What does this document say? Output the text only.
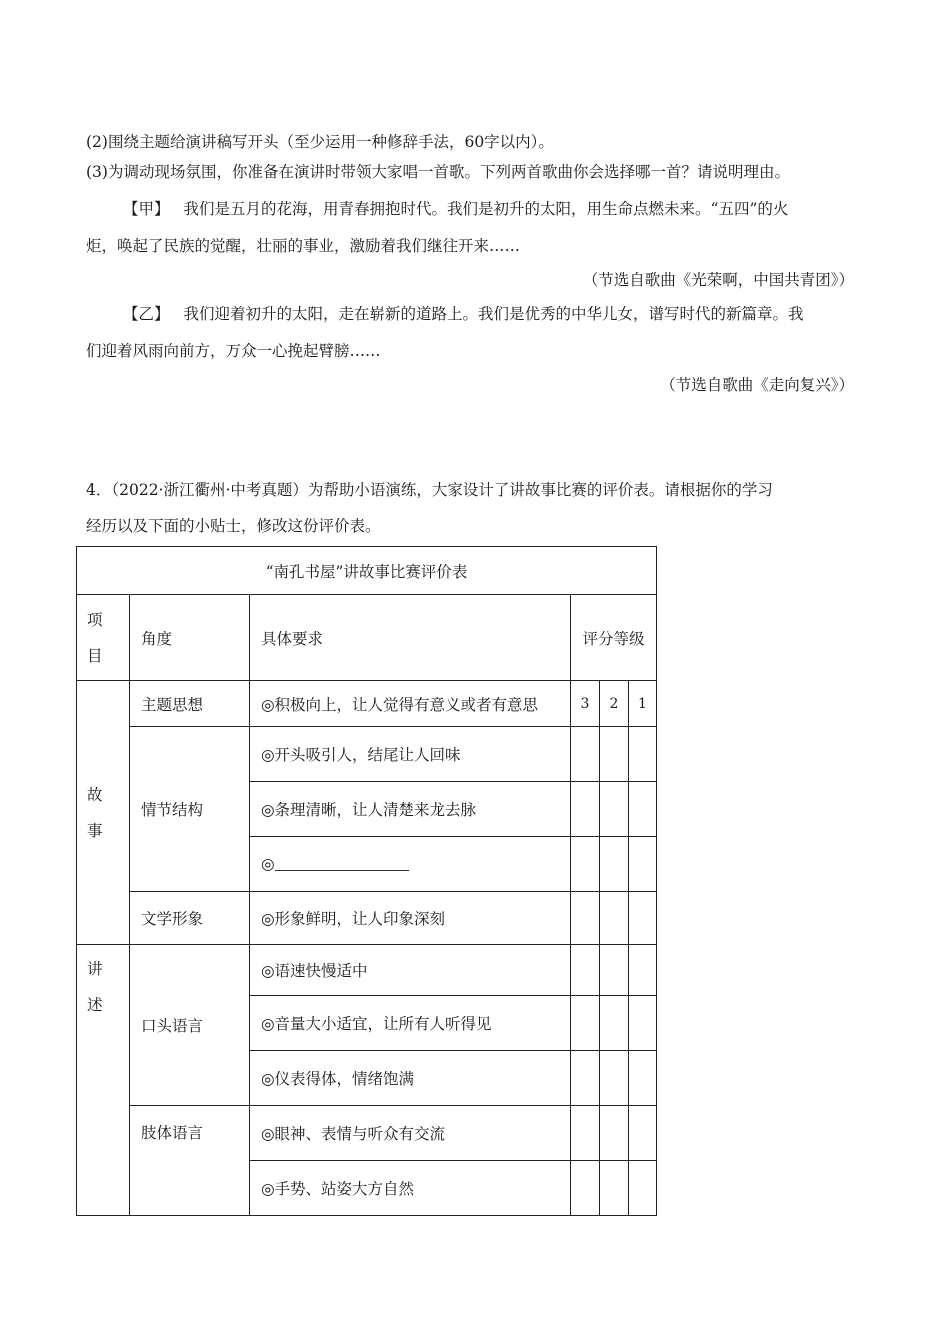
(2)围绕主题给演讲稿写开头（至少运用一种修辞手法，60字以内）。
(3)为调动现场氛围，你准备在演讲时带领大家唱一首歌。下列两首歌曲你会选择哪一首？请说明理由。
【甲】 我们是五月的花海，用青春拥抱时代。我们是初升的太阳，用生命点燃未来。“五四”的火
炬，唤起了民族的觉醒，壮丽的事业，激励着我们继往开来……
（节选自歌曲《光荣啊，中国共青团》）
【乙】 我们迎着初升的太阳，走在崭新的道路上。我们是优秀的中华儿女，谱写时代的新篇章。我
们迎着风雨向前方，万众一心挽起臂膀……
（节选自歌曲《走向复兴》）
4．（2022·浙江衢州·中考真题）为帮助小语演练，大家设计了讲故事比赛的评价表。请根据你的学习
经历以及下面的小贴士，修改这份评价表。
“南孔书屋”讲故事比赛评价表					

项目	角度	具体要求	评分等级		

故事	主题思想	◎积极向上，让人觉得有意义或者有意思	3	2	1
	情节结构	◎开头吸引人，结尾让人回味			
		◎条理清晰，让人清楚来龙去脉			
		◎			
	文学形象	◎形象鲜明，让人印象深刻			

讲述	口头语言	◎语速快慢适中			
		◎音量大小适宜，让所有人听得见			
		◎仪表得体，情绪饱满			
	肢体语言	◎眼神、表情与听众有交流			
		◎手势、站姿大方自然			
